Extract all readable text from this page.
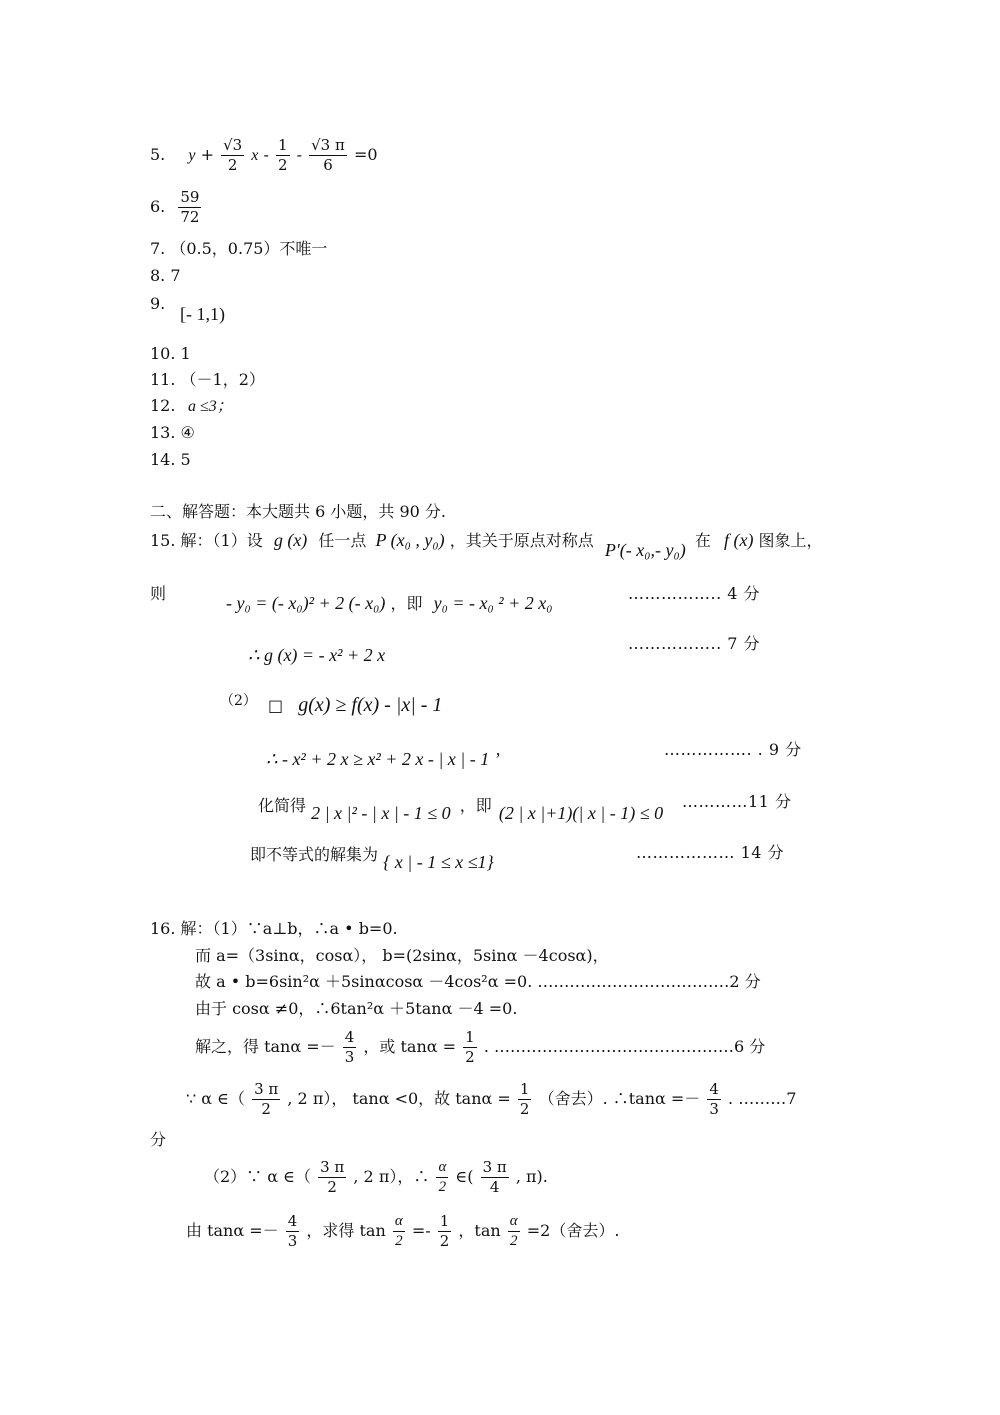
5. $y + \frac{√3}{2}$ $x - \frac{1}{2} - \frac{√3 \pi}{6} =0$
6. $\frac{59}{72}$
7. （0.5，0.75）不唯一
8. 7
9.
[- 1,1)
10. 1
11. （－1，2）
12. a ≤3；
13. ④
14. 5
二、解答题：本大题共 6 小题，共 90 分.
15. 解：（1）设 g (x) 任一点 P (x₀ , y₀) ，其关于原点对称点 P′(- x₀,- y₀) 在 f (x) 图象上，
则	- y₀ = (- x₀)² + 2 (- x₀) ，即 y₀ = - x₀ ² + 2 x₀	…………….. 4 分
∴ g (x) = - x² + 2 x
…………….. 7 分
（2） □ g(x) ≥ f(x) - |x| - 1
∴ - x² + 2 x ≥ x² + 2 x - | x | - 1 ’	……………. . 9 分
化简得 2 | x |² - | x | - 1 ≤ 0 ，即 (2 | x |+1)(| x | - 1) ≤ 0
…………11 分
即不等式的解集为 { x | - 1 ≤ x ≤1}	……………… 14 分
16. 解：（1）∵a⊥b，∴a • b=0.
而 a=（3sinα，cosα）， b=(2sinα，5sinα －4cosα)，
故 a • b=6sin²α ＋5sinαcosα －4cos²α =0. ………………………………2 分
由于 cosα ≠0，∴6tan²α ＋5tanα －4 =0.
解之，得 $\tan\alpha =- \frac{4}{3}$ ，或 $\tan\alpha = \frac{1}{2}$ . ………………………………………6 分
∵ α ∈（ $\frac{3 \pi}{2}$ , 2 π）， tanα <0，故 $\tan\alpha = \frac{1}{2}$ （舍去）. ∴tanα =－ $\frac{4}{3}$ . ………7
分
（2）∵ α ∈（ $\frac{3 \pi}{2}$ , 2 π），∴ $\frac{\alpha}{2}$ ∈( $\frac{3 \pi}{4}$ , π).
由 $\tan\alpha =- \frac{4}{3}$ ，求得 $\tan \frac{\alpha}{2} =- \frac{1}{2}$ ，$\tan \frac{\alpha}{2} =2$（舍去）.
